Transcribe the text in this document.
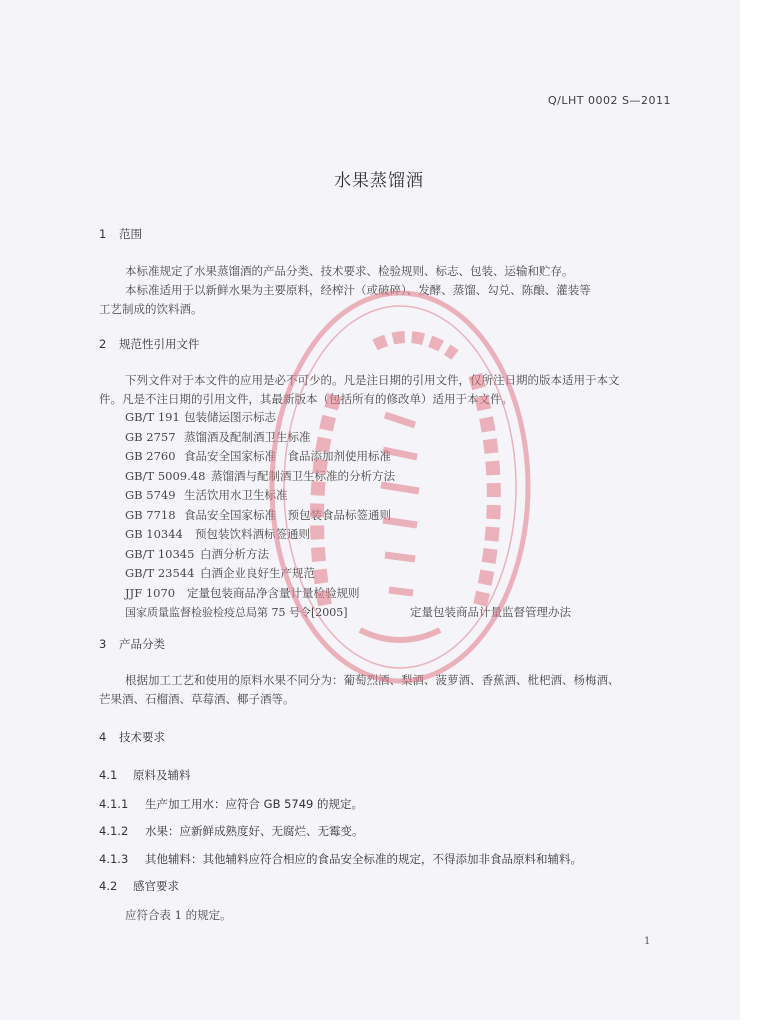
Q/LHT 0002 S—2011
水果蒸馏酒
1 范围
本标准规定了水果蒸馏酒的产品分类、技术要求、检验规则、标志、包装、运输和贮存。
本标准适用于以新鲜水果为主要原料，经榨汁（或破碎）、发酵、蒸馏、勾兑、陈酿、灌装等
工艺制成的饮料酒。
2 规范性引用文件
下列文件对于本文件的应用是必不可少的。凡是注日期的引用文件，仅所注日期的版本适用于本文
件。凡是不注日期的引用文件，其最新版本（包括所有的修改单）适用于本文件。
GB/T 191 包装储运图示标志
GB 2757 蒸馏酒及配制酒卫生标准
GB 2760 食品安全国家标准　食品添加剂使用标准
GB/T 5009.48 蒸馏酒与配制酒卫生标准的分析方法
GB 5749 生活饮用水卫生标准
GB 7718 食品安全国家标准　预包装食品标签通则
GB 10344 预包装饮料酒标签通则
GB/T 10345 白酒分析方法
GB/T 23544 白酒企业良好生产规范
JJF 1070 定量包装商品净含量计量检验规则
国家质量监督检验检疫总局第 75 号令[2005]	定量包装商品计量监督管理办法
3 产品分类
根据加工工艺和使用的原料水果不同分为：葡萄烈酒、梨酒、菠萝酒、香蕉酒、枇杷酒、杨梅酒、
芒果酒、石榴酒、草莓酒、椰子酒等。
4 技术要求
4.1 原料及辅料
4.1.1 生产加工用水：应符合 GB 5749 的规定。
4.1.2 水果：应新鲜成熟度好、无腐烂、无霉变。
4.1.3 其他辅料：其他辅料应符合相应的食品安全标准的规定，不得添加非食品原料和辅料。
4.2 感官要求
应符合表 1 的规定。
1
